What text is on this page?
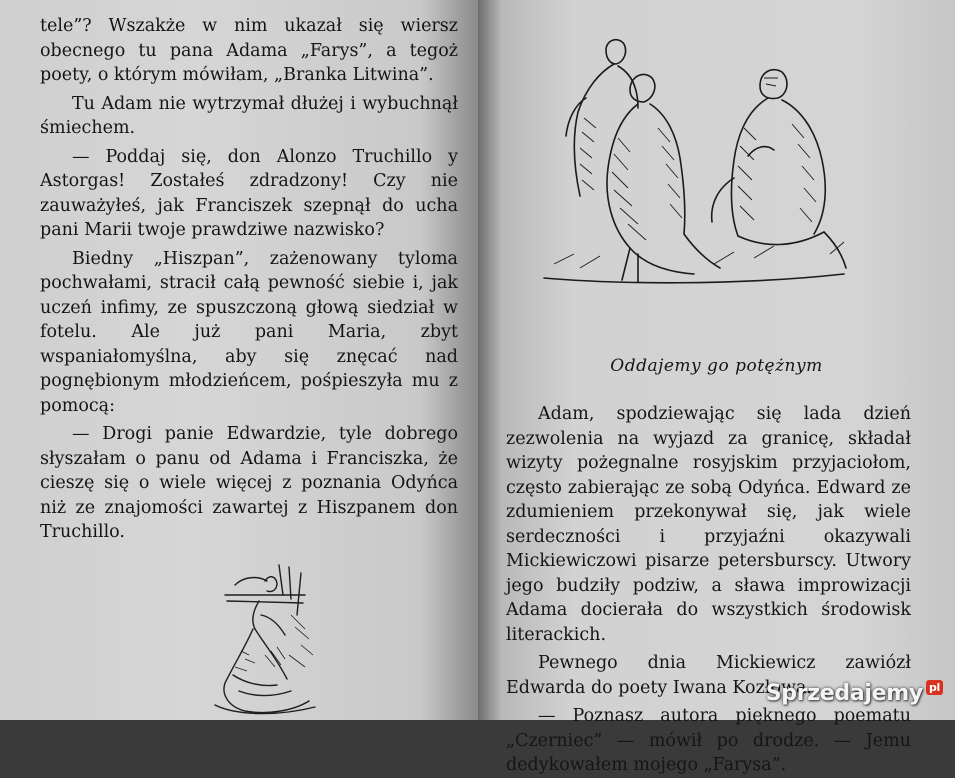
tele”? Wszakże w nim ukazał się wiersz obecnego tu pana Adama „Farys”, a tegoż poety, o którym mówiłam, „Branka Litwina”.

Tu Adam nie wytrzymał dłużej i wybuchnął śmiechem.

— Poddaj się, don Alonzo Truchillo y Astorgas! Zostałeś zdradzony! Czy nie zauważyłeś, jak Franciszek szepnął do ucha pani Marii twoje prawdziwe nazwisko?

Biedny „Hiszpan”, zażenowany tyloma pochwałami, stracił całą pewność siebie i, jak uczeń infimy, ze spuszczoną głową siedział w fotelu. Ale już pani Maria, zbyt wspaniałomyślna, aby się znęcać nad pognębionym młodzieńcem, pośpieszyła mu z pomocą:

— Drogi panie Edwardzie, tyle dobrego słyszałam o panu od Adama i Franciszka, że cieszę się o wiele więcej z poznania Odyńca niż ze znajomości zawartej z Hiszpanem don Truchillo.

Oddajemy go potężnym

Adam, spodziewając się lada dzień zezwolenia na wyjazd za granicę, składał wizyty pożegnalne rosyjskim przyjaciołom, często zabierając ze sobą Odyńca. Edward ze zdumieniem przekonywał się, jak wiele serdeczności i przyjaźni okazywali Mickiewiczowi pisarze petersburscy. Utwory jego budziły podziw, a sława improwizacji Adama docierała do wszystkich środowisk literackich.

Pewnego dnia Mickiewicz zawiózł Edwarda do poety Iwana Kozłowa.

— Poznasz autora pięknego poematu „Czerniec” — mówił po drodze. — Jemu dedykowałem mojego „Farysa”.

Sprzedajemy pl
